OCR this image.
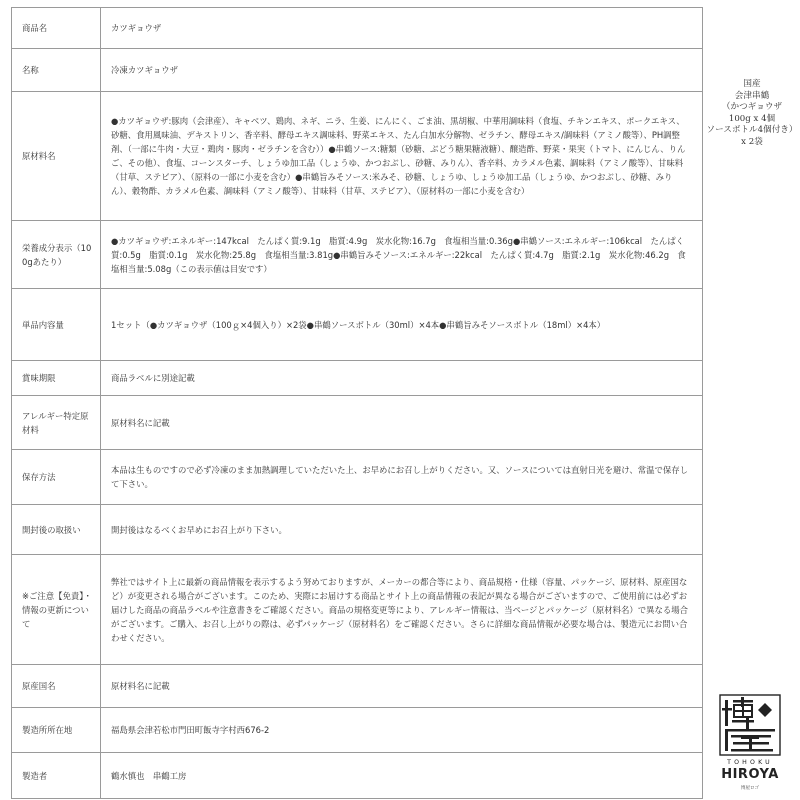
商品名	カツギョウザ
名称	冷凍カツギョウザ
原材料名	●カツギョウザ:豚肉（会津産）、キャベツ、鶏肉、ネギ、ニラ、生姜、にんにく、ごま油、黒胡椒、中華用調味料（食塩、チキンエキス、ポークエキス、砂糖、食用風味油、デキストリン、香辛料、酵母エキス調味料、野菜エキス、たん白加水分解物、ゼラチン、酵母エキス/調味料（アミノ酸等）、PH調整剤、（一部に牛肉・大豆・鶏肉・豚肉・ゼラチンを含む））●串鶴ソース:糖類（砂糖、ぶどう糖果糖液糖）、醸造酢、野菜・果実（トマト、にんじん、りんご、その他）、食塩、コーンスターチ、しょうゆ加工品（しょうゆ、かつおぶし、砂糖、みりん）、香辛料、カラメル色素、調味料（アミノ酸等）、甘味料（甘草、ステビア）、（原料の一部に小麦を含む）●串鶴旨みそソース:米みそ、砂糖、しょうゆ、しょうゆ加工品（しょうゆ、かつおぶし、砂糖、みりん）、穀物酢、カラメル色素、調味料（アミノ酸等）、甘味料（甘草、ステビア）、（原材料の一部に小麦を含む）
栄養成分表示（100gあたり）	●カツギョウザ:エネルギー:147kcal　たんぱく質:9.1g　脂質:4.9g　炭水化物:16.7g　食塩相当量:0.36g●串鶴ソース:エネルギー:106kcal　たんぱく質:0.5g　脂質:0.1g　炭水化物:25.8g　食塩相当量:3.81g●串鶴旨みそソース:エネルギー:22kcal　たんぱく質:4.7g　脂質:2.1g　炭水化物:46.2g　食塩相当量:5.08g（この表示値は目安です）
単品内容量	1セット（●カツギョウザ（100ｇ×4個入り）×2袋●串鶴ソースボトル（30ml）×4本●串鶴旨みそソースボトル（18ml）×4本）
賞味期限	商品ラベルに別途記載
アレルギー特定原材料	原材料名に記載
保存方法	本品は生ものですので必ず冷凍のまま加熱調理していただいた上、お早めにお召し上がりください。又、ソースについては直射日光を避け、常温で保存して下さい。
開封後の取扱い	開封後はなるべくお早めにお召上がり下さい。
※ご注意【免責】・情報の更新について	弊社ではサイト上に最新の商品情報を表示するよう努めておりますが、メーカーの都合等により、商品規格・仕様（容量、パッケージ、原材料、原産国など）が変更される場合がございます。このため、実際にお届けする商品とサイト上の商品情報の表記が異なる場合がございますので、ご使用前には必ずお届けした商品の商品ラベルや注意書きをご確認ください。商品の規格変更等により、アレルギー情報は、当ページとパッケージ（原材料名）で異なる場合がございます。ご購入、お召し上がりの際は、必ずパッケージ（原材料名）をご確認ください。さらに詳細な商品情報が必要な場合は、製造元にお問い合わせください。
原産国名	原材料名に記載
製造所所在地	福島県会津若松市門田町飯寺字村西676-2
製造者	鶴水慎也　串鶴工房
国産
会津串鶴
（かつギョウザ
100g x 4個
ソースボトル4個付き）
x 2袋
TOHOKU
HIROYA
博屋ロゴ
